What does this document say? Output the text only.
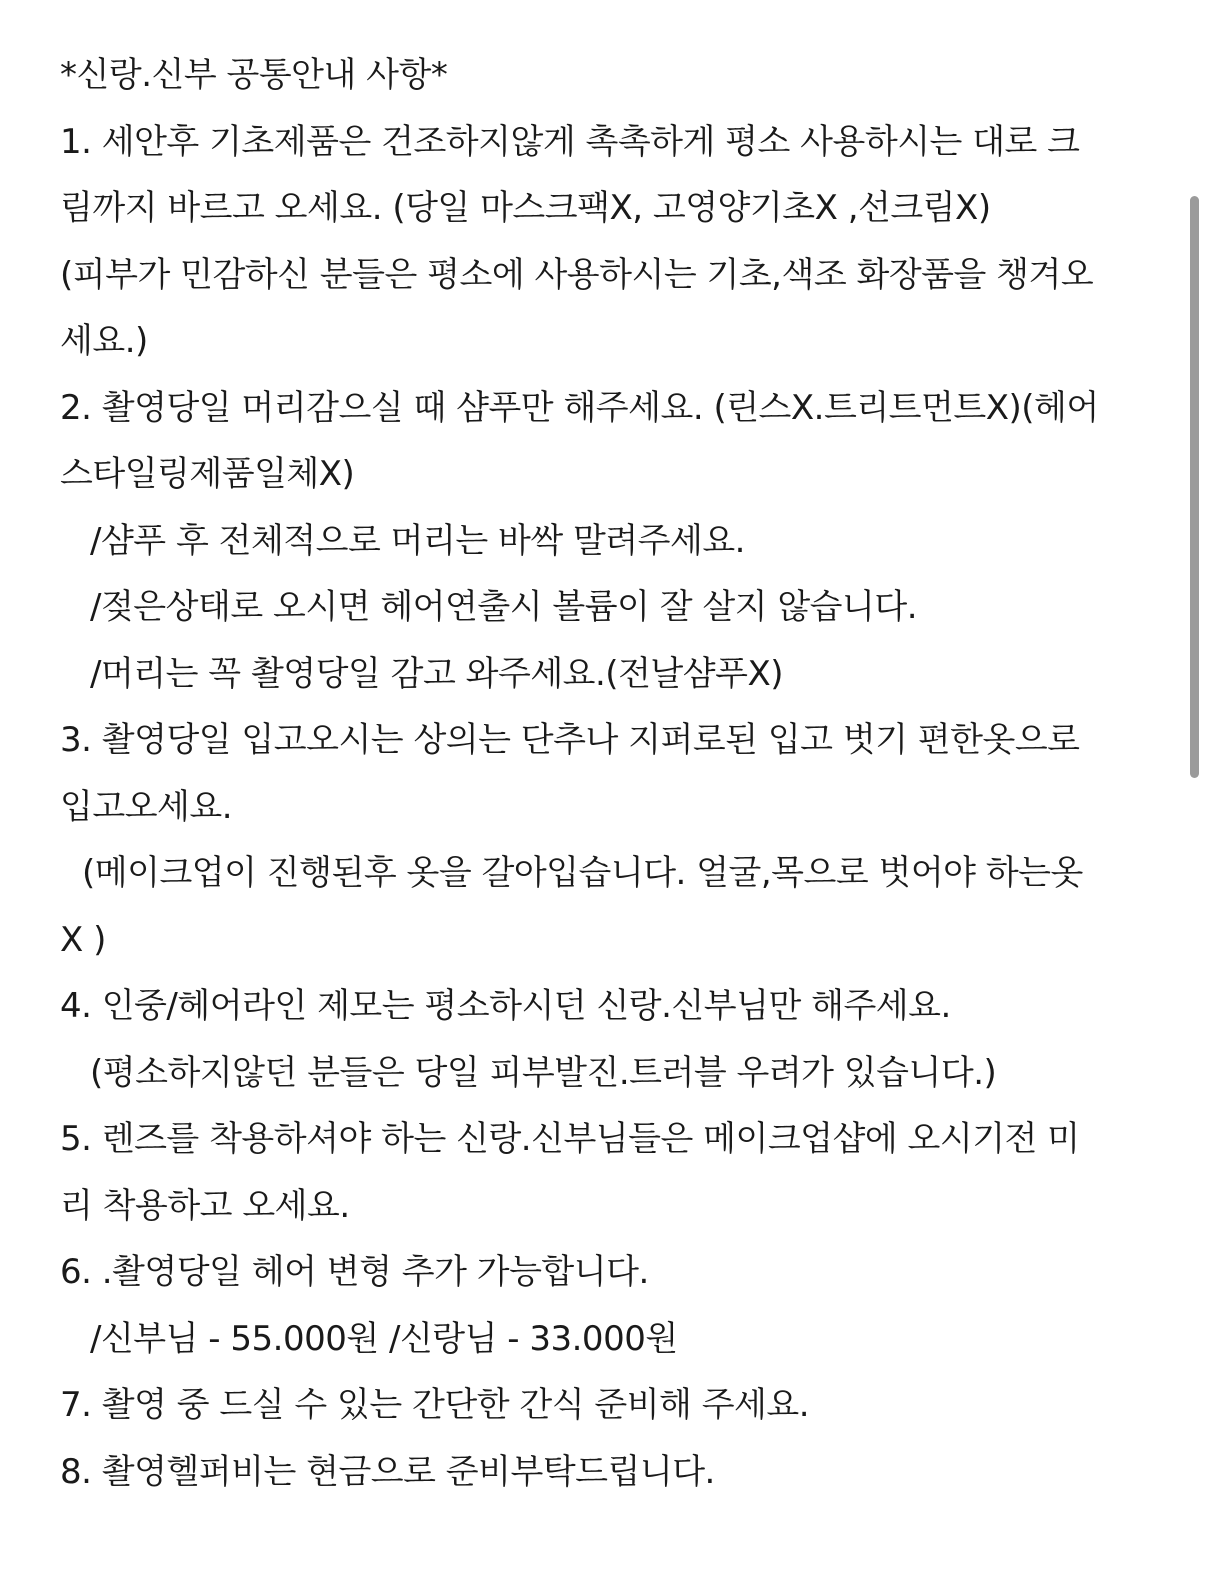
*신랑.신부 공통안내 사항*
1. 세안후 기초제품은 건조하지않게 촉촉하게 평소 사용하시는 대로 크
림까지 바르고 오세요. (당일 마스크팩X, 고영양기초X ,선크림X)
(피부가 민감하신 분들은 평소에 사용하시는 기초,색조 화장품을 챙겨오
세요.)
2. 촬영당일 머리감으실 때 샴푸만 해주세요. (린스X.트리트먼트X)(헤어
스타일링제품일체X)
/샴푸 후 전체적으로 머리는 바싹 말려주세요.
/젖은상태로 오시면 헤어연출시 볼륨이 잘 살지 않습니다.
/머리는 꼭 촬영당일 감고 와주세요.(전날샴푸X)
3. 촬영당일 입고오시는 상의는 단추나 지퍼로된 입고 벗기 편한옷으로
입고오세요.
(메이크업이 진행된후 옷을 갈아입습니다. 얼굴,목으로 벗어야 하는옷
X )
4. 인중/헤어라인 제모는 평소하시던 신랑.신부님만 해주세요.
(평소하지않던 분들은 당일 피부발진.트러블 우려가 있습니다.)
5. 렌즈를 착용하셔야 하는 신랑.신부님들은 메이크업샵에 오시기전 미
리 착용하고 오세요.
6. .촬영당일 헤어 변형 추가 가능합니다.
/신부님 - 55.000원 /신랑님 - 33.000원
7. 촬영 중 드실 수 있는 간단한 간식 준비해 주세요.
8. 촬영헬퍼비는 현금으로 준비부탁드립니다.
